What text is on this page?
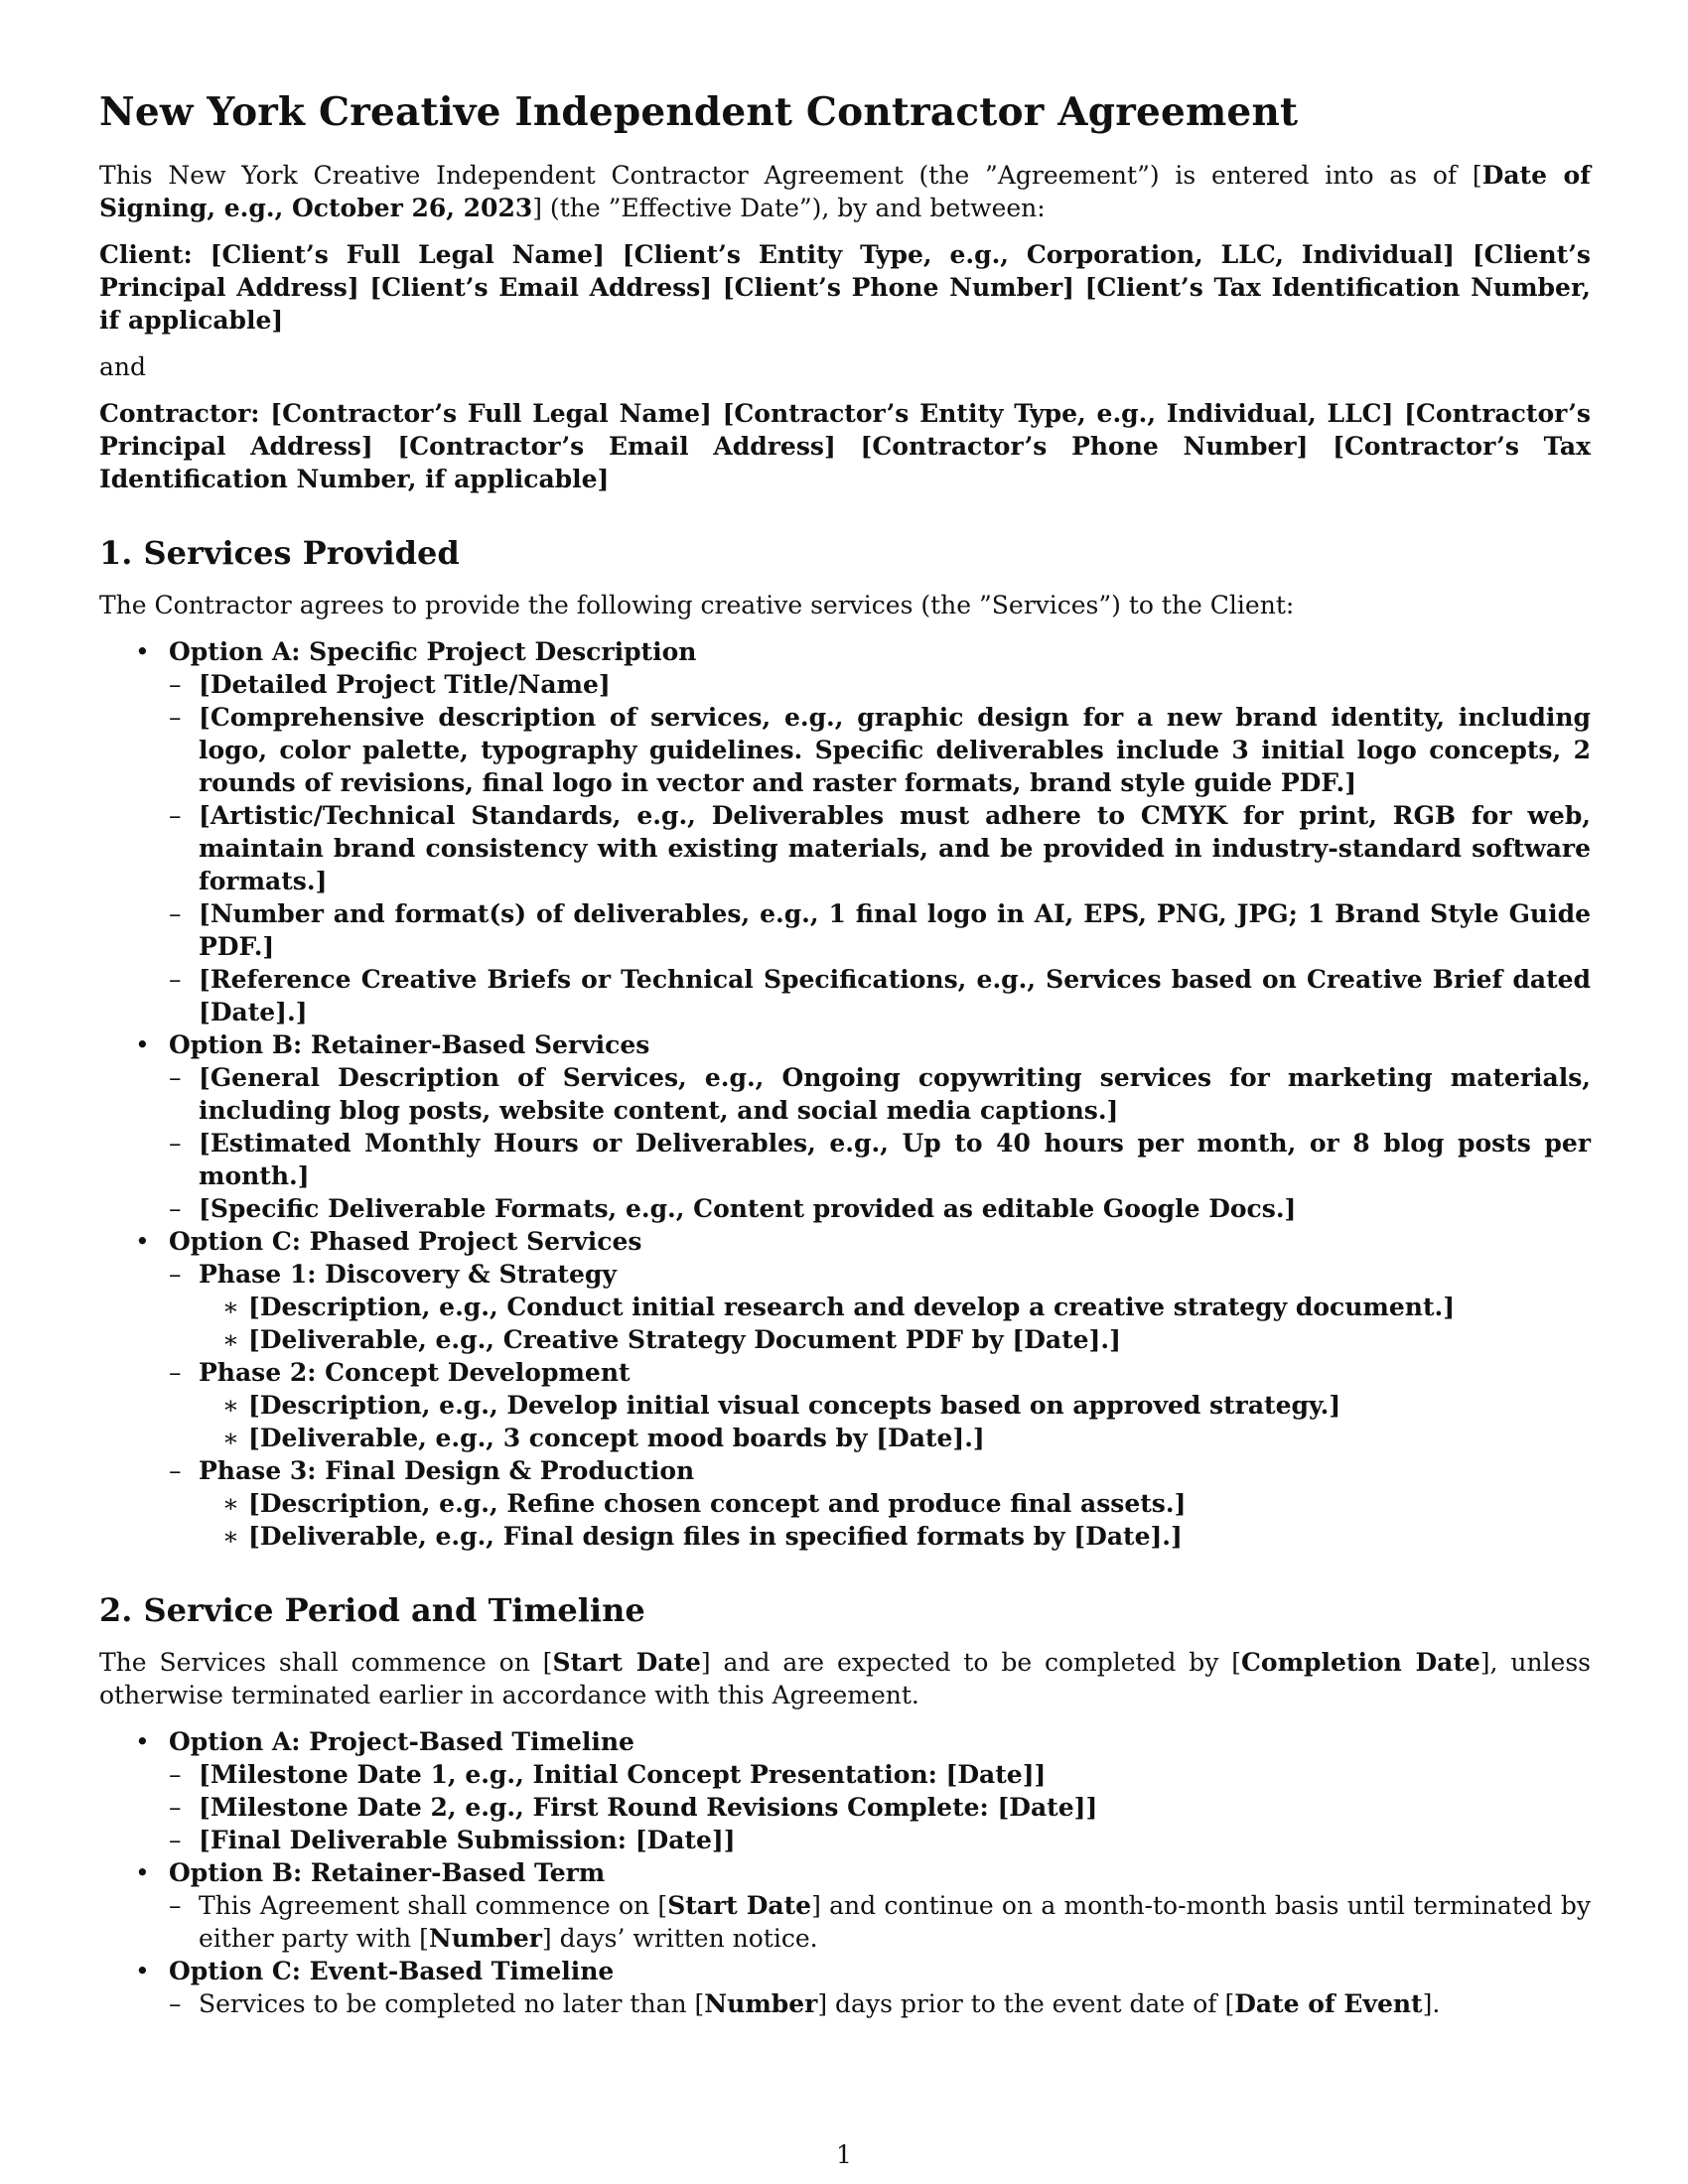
New York Creative Independent Contractor Agreement

This New York Creative Independent Contractor Agreement (the ”Agreement”) is entered into as of [Date of Signing, e.g., October 26, 2023] (the ”Effective Date”), by and between:

Client: [Client’s Full Legal Name] [Client’s Entity Type, e.g., Corporation, LLC, Individual] [Client’s Principal Address] [Client’s Email Address] [Client’s Phone Number] [Client’s Tax Identification Number, if applicable]

and

Contractor: [Contractor’s Full Legal Name] [Contractor’s Entity Type, e.g., Individual, LLC] [Contractor’s Principal Address] [Contractor’s Email Address] [Contractor’s Phone Number] [Contractor’s Tax Identification Number, if applicable]

1. Services Provided

The Contractor agrees to provide the following creative services (the ”Services”) to the Client:

• Option A: Specific Project Description
– [Detailed Project Title/Name]
– [Comprehensive description of services, e.g., graphic design for a new brand identity, including logo, color palette, typography guidelines. Specific deliverables include 3 initial logo concepts, 2 rounds of revisions, final logo in vector and raster formats, brand style guide PDF.]
– [Artistic/Technical Standards, e.g., Deliverables must adhere to CMYK for print, RGB for web, maintain brand consistency with existing materials, and be provided in industry-standard software formats.]
– [Number and format(s) of deliverables, e.g., 1 final logo in AI, EPS, PNG, JPG; 1 Brand Style Guide PDF.]
– [Reference Creative Briefs or Technical Specifications, e.g., Services based on Creative Brief dated [Date].]
• Option B: Retainer-Based Services
– [General Description of Services, e.g., Ongoing copywriting services for marketing materials, including blog posts, website content, and social media captions.]
– [Estimated Monthly Hours or Deliverables, e.g., Up to 40 hours per month, or 8 blog posts per month.]
– [Specific Deliverable Formats, e.g., Content provided as editable Google Docs.]
• Option C: Phased Project Services
– Phase 1: Discovery & Strategy
∗ [Description, e.g., Conduct initial research and develop a creative strategy document.]
∗ [Deliverable, e.g., Creative Strategy Document PDF by [Date].]
– Phase 2: Concept Development
∗ [Description, e.g., Develop initial visual concepts based on approved strategy.]
∗ [Deliverable, e.g., 3 concept mood boards by [Date].]
– Phase 3: Final Design & Production
∗ [Description, e.g., Refine chosen concept and produce final assets.]
∗ [Deliverable, e.g., Final design files in specified formats by [Date].]
2. Service Period and Timeline

The Services shall commence on [Start Date] and are expected to be completed by [Completion Date], unless otherwise terminated earlier in accordance with this Agreement.

• Option A: Project-Based Timeline
– [Milestone Date 1, e.g., Initial Concept Presentation: [Date]]
– [Milestone Date 2, e.g., First Round Revisions Complete: [Date]]
– [Final Deliverable Submission: [Date]]
• Option B: Retainer-Based Term
– This Agreement shall commence on [Start Date] and continue on a month-to-month basis until terminated by either party with [Number] days’ written notice.
• Option C: Event-Based Timeline
– Services to be completed no later than [Number] days prior to the event date of [Date of Event].
1
